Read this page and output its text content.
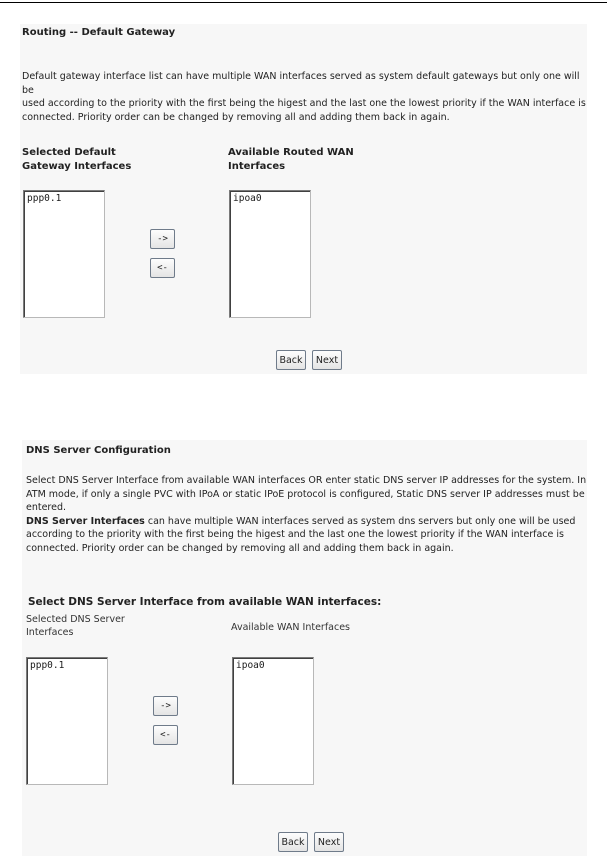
Routing -- Default Gateway
Default gateway interface list can have multiple WAN interfaces served as system default gateways but only one will be
used according to the priority with the first being the higest and the last one the lowest priority if the WAN interface is
connected. Priority order can be changed by removing all and adding them back in again.
Selected Default
Gateway Interfaces
Available Routed WAN
Interfaces
ppp0.1	ipoa0
->
<-
Back	Next
DNS Server Configuration
Select DNS Server Interface from available WAN interfaces OR enter static DNS server IP addresses for the system. In
ATM mode, if only a single PVC with IPoA or static IPoE protocol is configured, Static DNS server IP addresses must be
entered.
DNS Server Interfaces can have multiple WAN interfaces served as system dns servers but only one will be used
according to the priority with the first being the higest and the last one the lowest priority if the WAN interface is
connected. Priority order can be changed by removing all and adding them back in again.
Select DNS Server Interface from available WAN interfaces:
Selected DNS Server
Interfaces	Available WAN Interfaces
ppp0.1	ipoa0
->
<-
Back	Next
